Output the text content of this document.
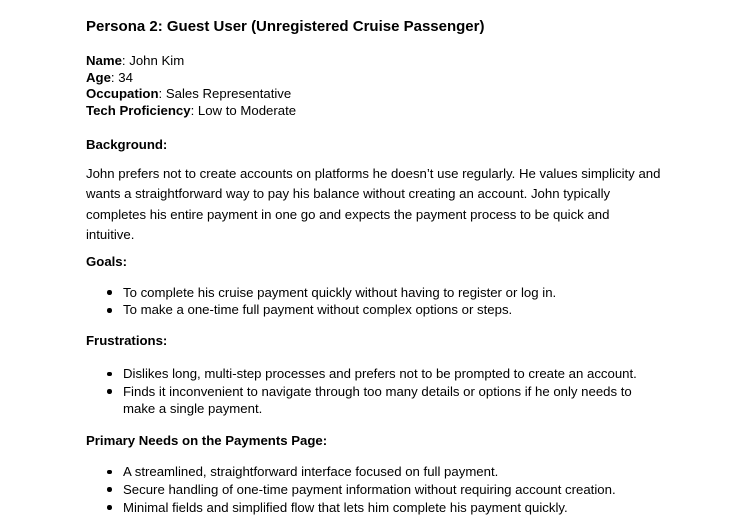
Persona 2: Guest User (Unregistered Cruise Passenger)

Name: John Kim

Age: 34

Occupation: Sales Representative

Tech Proficiency: Low to Moderate

Background:

John prefers not to create accounts on platforms he doesn’t use regularly. He values simplicity and wants a straightforward way to pay his balance without creating an account. John typically completes his entire payment in one go and expects the payment process to be quick and intuitive.

Goals:
To complete his cruise payment quickly without having to register or log in.
To make a one-time full payment without complex options or steps.
Frustrations:
Dislikes long, multi-step processes and prefers not to be prompted to create an account.
Finds it inconvenient to navigate through too many details or options if he only needs to make a single payment.
Primary Needs on the Payments Page:
A streamlined, straightforward interface focused on full payment.
Secure handling of one-time payment information without requiring account creation.
Minimal fields and simplified flow that lets him complete his payment quickly.
